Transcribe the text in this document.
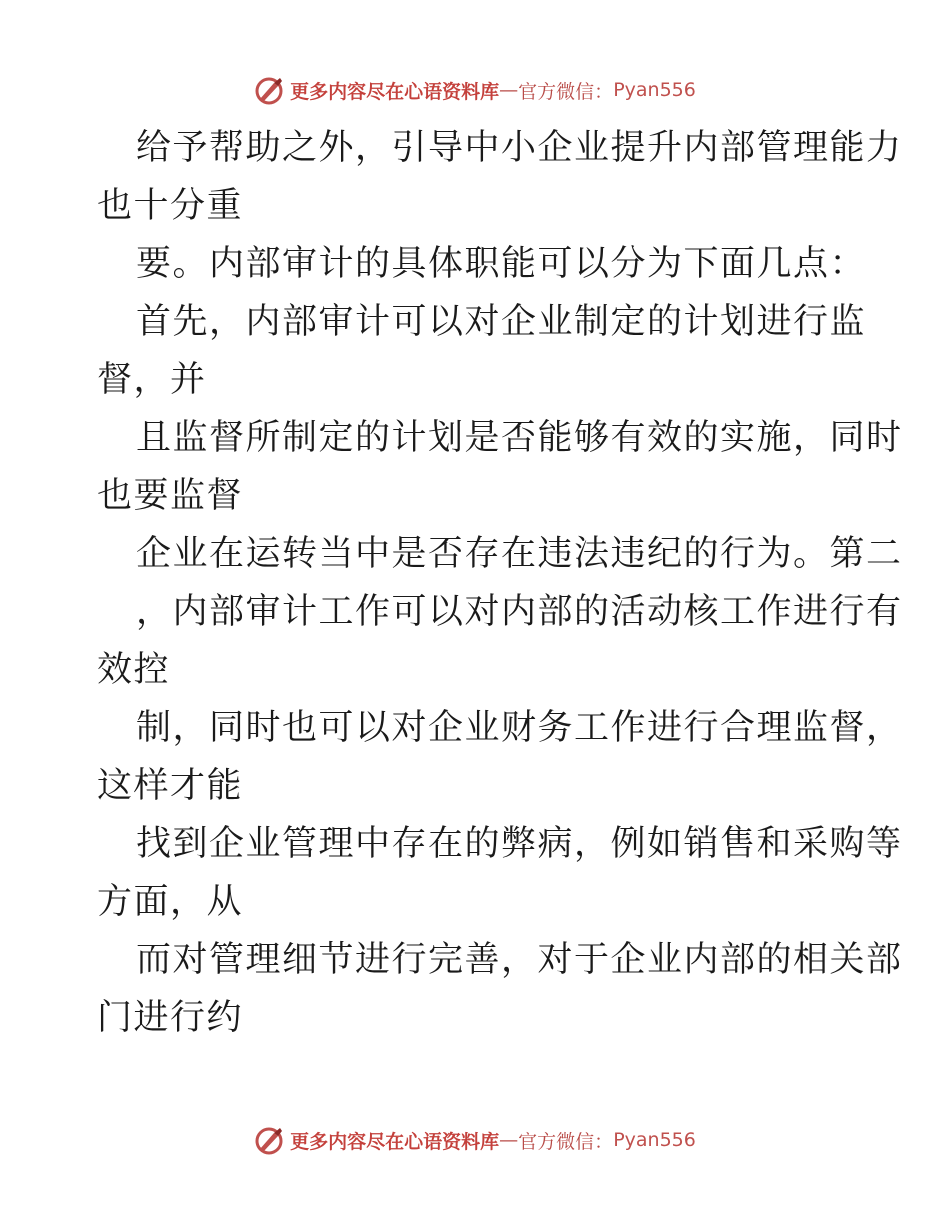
更多内容尽在心语资料库 — 官方微信： Pyan556
给予帮助之外，引导中小企业提升内部管理能力
也十分重
要。内部审计的具体职能可以分为下面几点：
首先，内部审计可以对企业制定的计划进行监
督，并
且监督所制定的计划是否能够有效的实施，同时
也要监督
企业在运转当中是否存在违法违纪的行为。第二
，内部审计工作可以对内部的活动核工作进行有
效控
制，同时也可以对企业财务工作进行合理监督，
这样才能
找到企业管理中存在的弊病，例如销售和采购等
方面，从
而对管理细节进行完善，对于企业内部的相关部
门进行约
更多内容尽在心语资料库 — 官方微信： Pyan556
